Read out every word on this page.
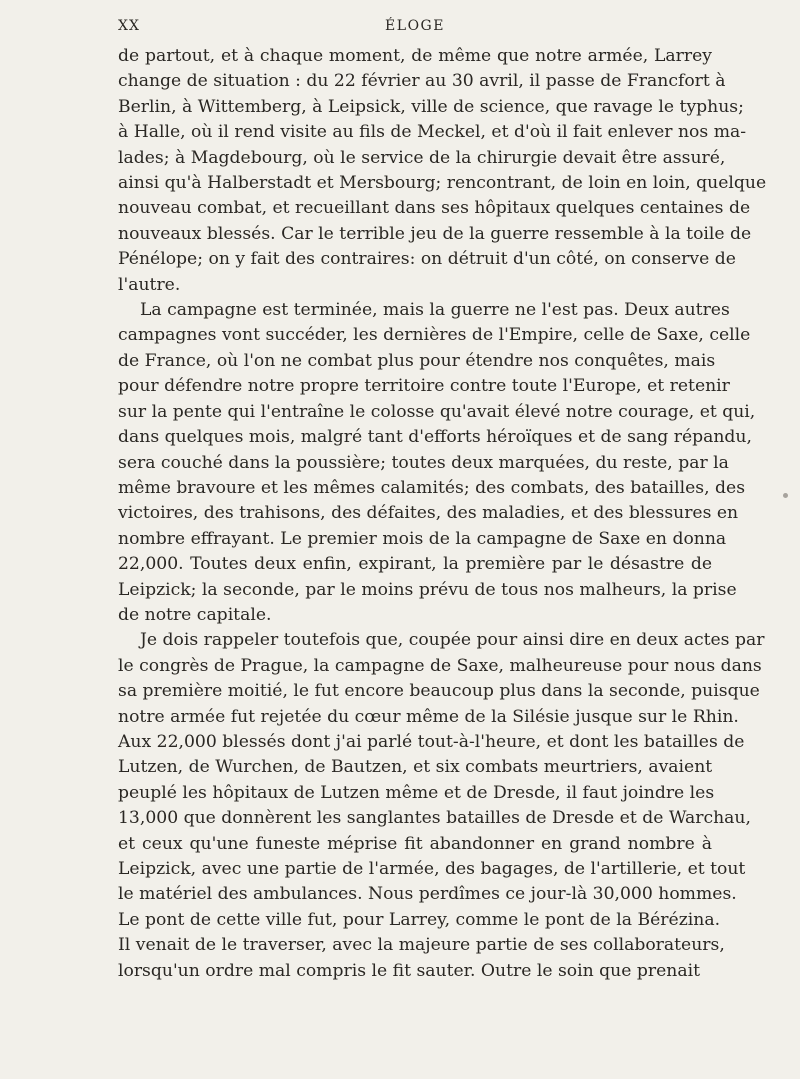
XX	ÉLOGE

de partout, et à chaque moment, de même que notre armée, Larrey
change de situation : du 22 février au 30 avril, il passe de Francfort à
Berlin, à Wittemberg, à Leipsick, ville de science, que ravage le typhus;
à Halle, où il rend visite au fils de Meckel, et d'où il fait enlever nos ma-
lades; à Magdebourg, où le service de la chirurgie devait être assuré,
ainsi qu'à Halberstadt et Mersbourg; rencontrant, de loin en loin, quelque
nouveau combat, et recueillant dans ses hôpitaux quelques centaines de
nouveaux blessés. Car le terrible jeu de la guerre ressemble à la toile de
Pénélope; on y fait des contraires: on détruit d'un côté, on conserve de
l'autre.

La campagne est terminée, mais la guerre ne l'est pas. Deux autres
campagnes vont succéder, les dernières de l'Empire, celle de Saxe, celle
de France, où l'on ne combat plus pour étendre nos conquêtes, mais
pour défendre notre propre territoire contre toute l'Europe, et retenir
sur la pente qui l'entraîne le colosse qu'avait élevé notre courage, et qui,
dans quelques mois, malgré tant d'efforts héroïques et de sang répandu,
sera couché dans la poussière; toutes deux marquées, du reste, par la
même bravoure et les mêmes calamités; des combats, des batailles, des
victoires, des trahisons, des défaites, des maladies, et des blessures en
nombre effrayant. Le premier mois de la campagne de Saxe en donna
22,000. Toutes deux enfin, expirant, la première par le désastre de
Leipzick; la seconde, par le moins prévu de tous nos malheurs, la prise
de notre capitale.

Je dois rappeler toutefois que, coupée pour ainsi dire en deux actes par
le congrès de Prague, la campagne de Saxe, malheureuse pour nous dans
sa première moitié, le fut encore beaucoup plus dans la seconde, puisque
notre armée fut rejetée du cœur même de la Silésie jusque sur le Rhin.
Aux 22,000 blessés dont j'ai parlé tout-à-l'heure, et dont les batailles de
Lutzen, de Wurchen, de Bautzen, et six combats meurtriers, avaient
peuplé les hôpitaux de Lutzen même et de Dresde, il faut joindre les
13,000 que donnèrent les sanglantes batailles de Dresde et de Warchau,
et ceux qu'une funeste méprise fit abandonner en grand nombre à
Leipzick, avec une partie de l'armée, des bagages, de l'artillerie, et tout
le matériel des ambulances. Nous perdîmes ce jour-là 30,000 hommes.
Le pont de cette ville fut, pour Larrey, comme le pont de la Bérézina.
Il venait de le traverser, avec la majeure partie de ses collaborateurs,
lorsqu'un ordre mal compris le fit sauter. Outre le soin que prenait
